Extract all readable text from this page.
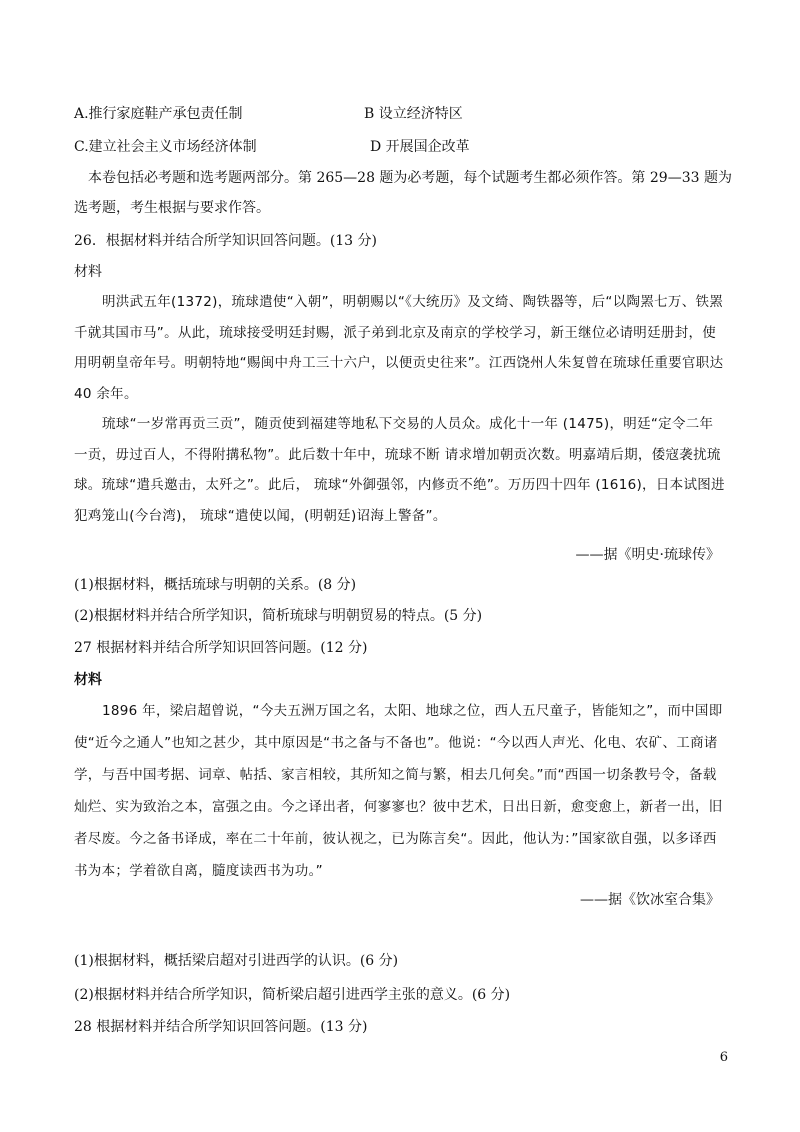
A.推行家庭鞋产承包责任制	B 设立经济特区
C.建立社会主义市场经济体制	D 开展国企改革
本卷包括必考题和选考题两部分。第 265—28 题为必考题，每个试题考生都必须作答。第 29—33 题为
选考题，考生根据与要求作答。
26．根据材料并结合所学知识回答问题。(13 分)
材料

明洪武五年(1372)，琉球遣使“入朝”，明朝赐以“《大统历》及文绮、陶铁器等，后“以陶罴七万、铁罴千就其国市马”。从此，琉球接受明廷封赐，派子弟到北京及南京的学校学习，新王继位必请明廷册封，使用明朝皇帝年号。明朝特地“赐闽中舟工三十六户，以便贡史往来”。江西饶州人朱复曾在琉球任重要官职达 40 余年。

琉球“一岁常再贡三贡”，随贡使到福建等地私下交易的人员众。成化十一年 (1475)，明廷“定令二年一贡，毋过百人，不得附搆私物”。此后数十年中，琉球不断 请求增加朝贡次数。明嘉靖后期，倭寇袭扰琉球。琉球“遣兵邀击，太歼之”。此后， 琉球“外御强邻，内修贡不绝”。万历四十四年 (1616)，日本试图进犯鸡笼山(今台湾)， 琉球“遣使以闻，(明朝廷)诏海上警备”。

——据《明史·琉球传》
(1)根据材料，概括琉球与明朝的关系。(8 分)
(2)根据材料并结合所学知识，简析琉球与明朝贸易的特点。(5 分)
27 根据材料并结合所学知识回答问题。(12 分)
材料

1896 年，梁启超曾说，“今夫五洲万国之名，太阳、地球之位，西人五尺童子，皆能知之”，而中国即使“近今之通人”也知之甚少，其中原因是“书之备与不备也”。他说：“今以西人声光、化电、农矿、工商诸学，与吾中国考据、词章、帖括、家言相较，其所知之简与繁，相去几何矣。”而“西国一切条教号令，备载灿烂、实为致治之本，富强之由。今之译出者，何寥寥也？彼中艺术，日出日新，愈变愈上，新者一出，旧者尽废。今之备书译成，率在二十年前，彼认视之，已为陈言矣“。因此，他认为：”国家欲自强，以多译西书为本；学着欲自离，膸度读西书为功。”

——据《饮冰室合集》
(1)根据材料，概括梁启超对引进西学的认识。(6 分)
(2)根据材料并结合所学知识，简析梁启超引进西学主张的意义。(6 分)
28 根据材料并结合所学知识回答问题。(13 分)
6
